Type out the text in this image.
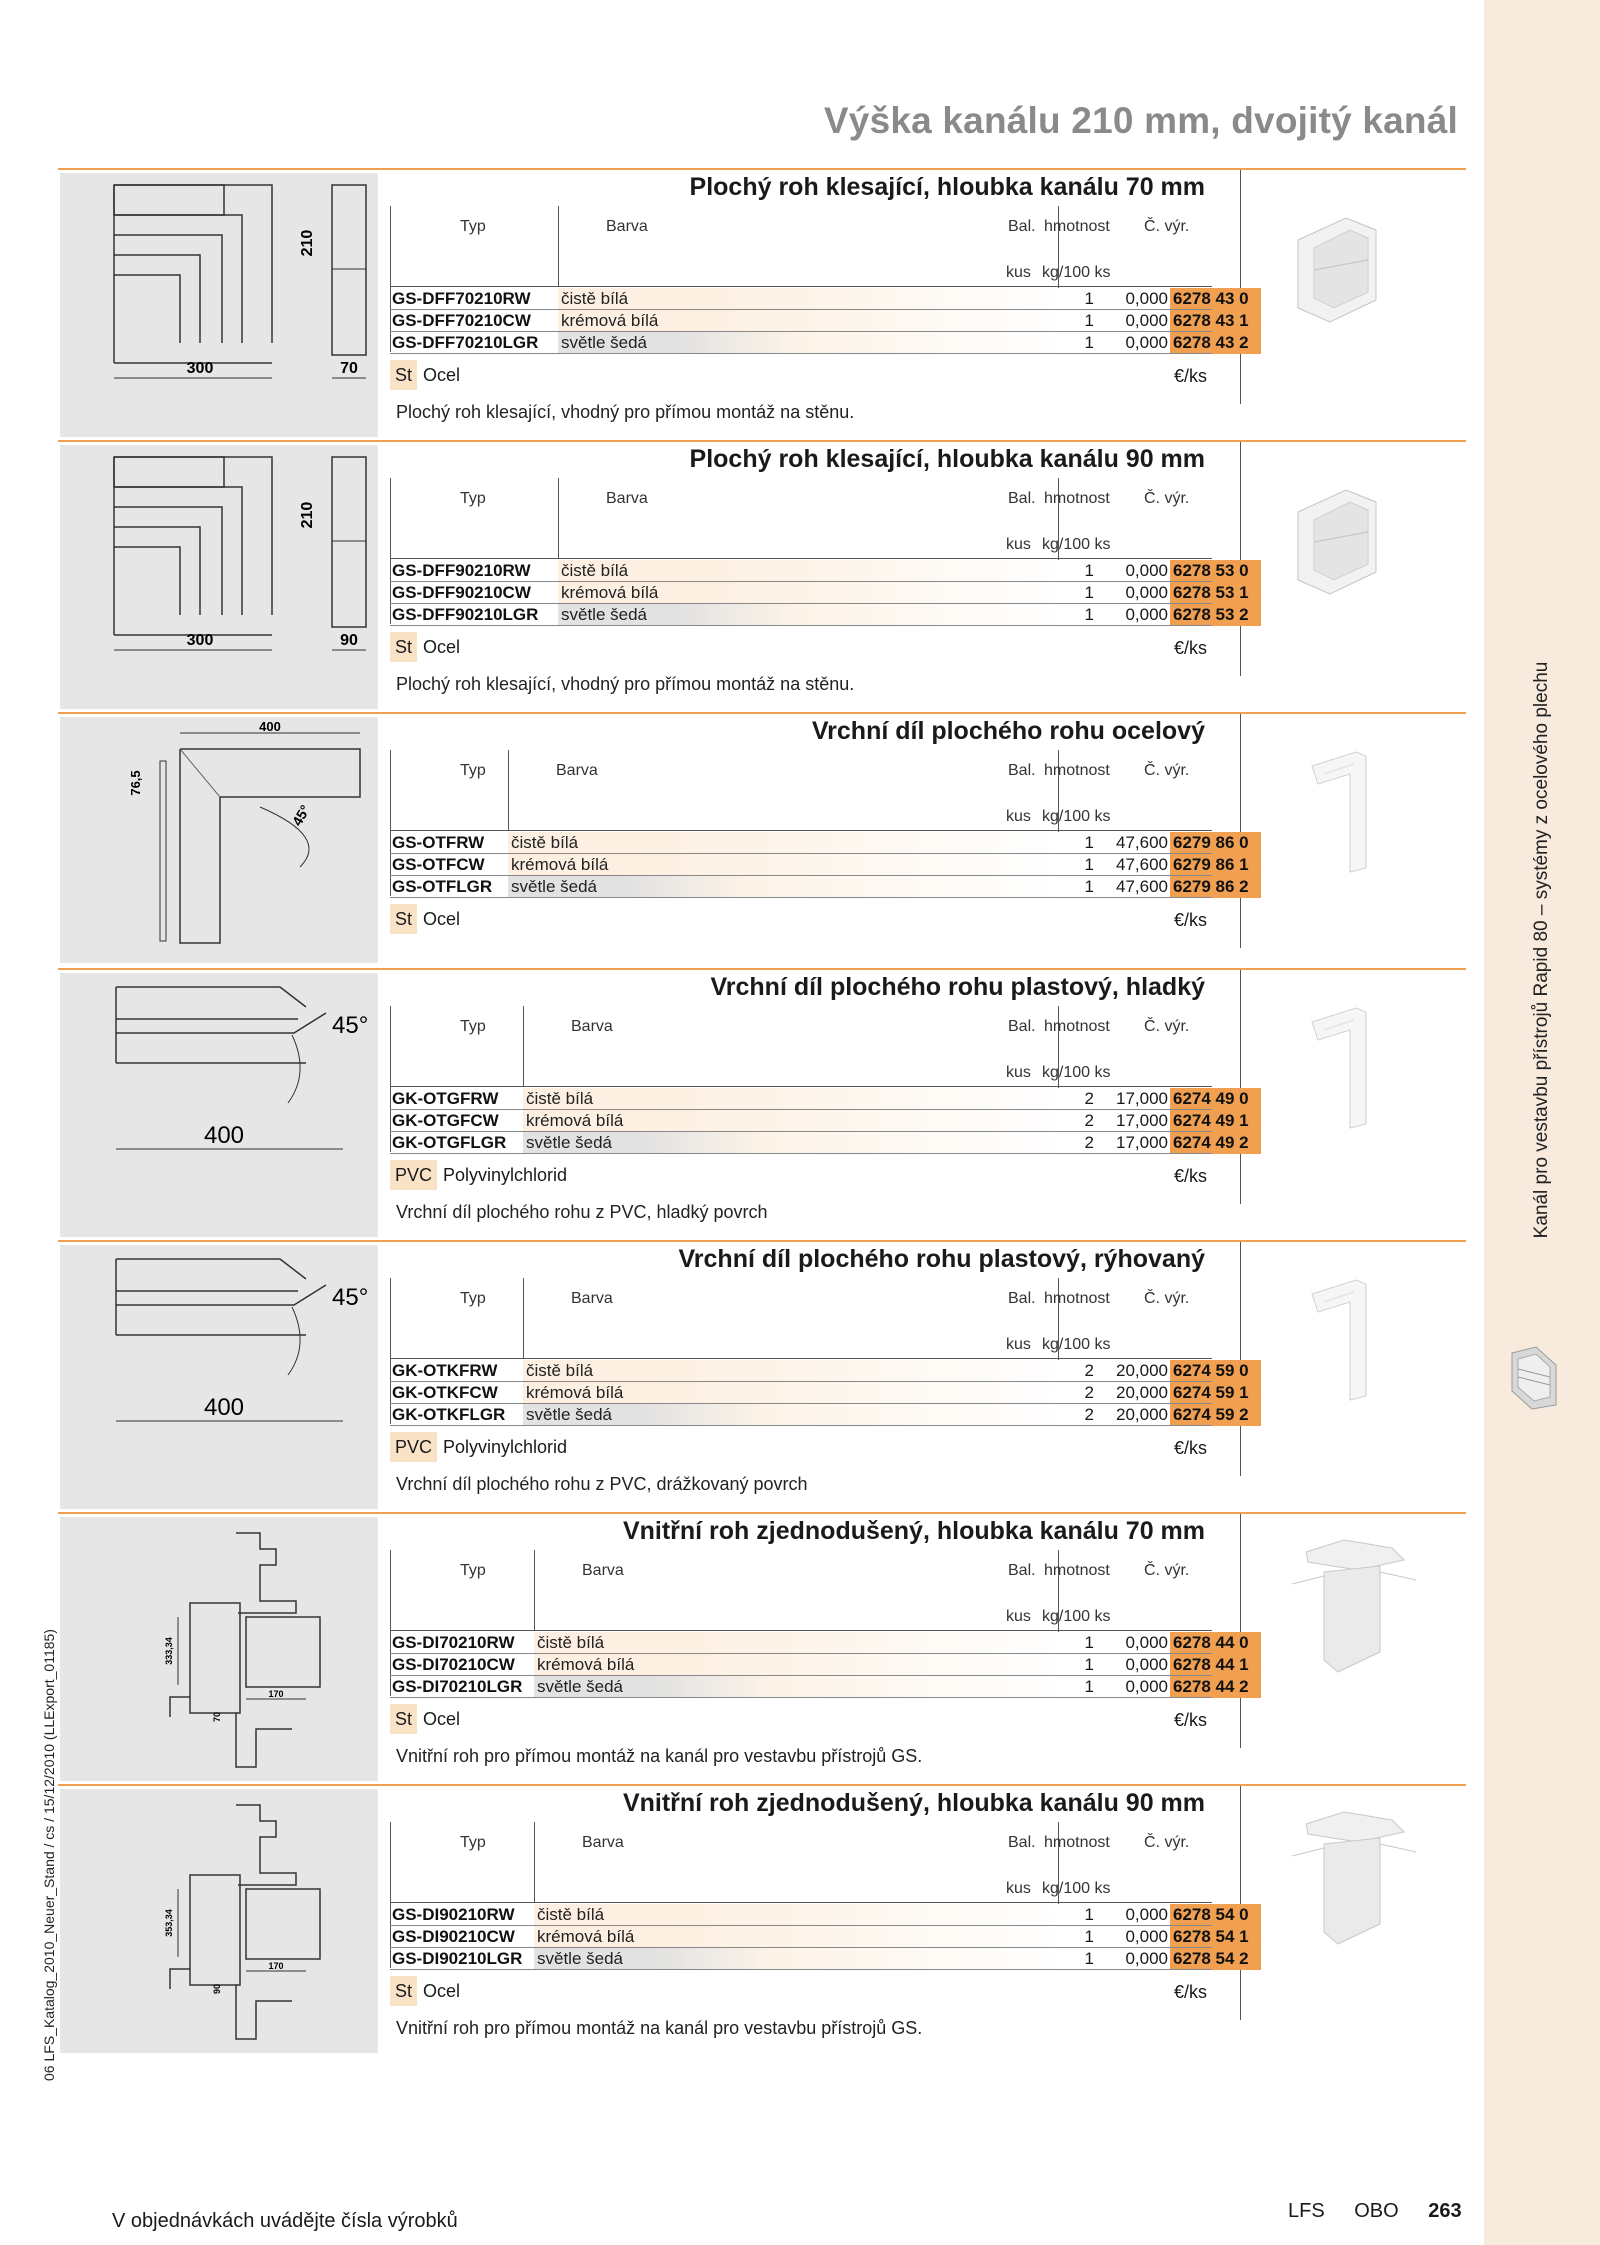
Kanál pro vestavbu přístrojů Rapid 80 – systémy z ocelového plechu
06 LFS_Katalog_2010_Neuer_Stand / cs / 15/12/2010 (LLExport_01185)
Výška kanálu 210 mm, dvojitý kanál
300
210
70
Plochý roh klesající, hloubka kanálu 70 mm
Typ	Barva	Bal. hmotnost Č. výr.
kus kg/100 ks
GS-DFF70210RW	čistě bílá	1	0,000 6278 43 0
GS-DFF70210CW	krémová bílá	1	0,000 6278 43 1
GS-DFF70210LGR	světle šedá	1	0,000 6278 43 2
St Ocel	€/ks
Plochý roh klesající, vhodný pro přímou montáž na stěnu.
300
210
90
Plochý roh klesající, hloubka kanálu 90 mm
Typ	Barva	Bal. hmotnost Č. výr.
kus kg/100 ks
GS-DFF90210RW	čistě bílá	1	0,000 6278 53 0
GS-DFF90210CW	krémová bílá	1	0,000 6278 53 1
GS-DFF90210LGR	světle šedá	1	0,000 6278 53 2
St Ocel	€/ks
Plochý roh klesající, vhodný pro přímou montáž na stěnu.
400
76,5
45°
Vrchní díl plochého rohu ocelový
Typ	Barva	Bal. hmotnost Č. výr.
kus kg/100 ks
GS-OTFRW	čistě bílá	1	47,600 6279 86 0
GS-OTFCW	krémová bílá	1	47,600 6279 86 1
GS-OTFLGR	světle šedá	1	47,600 6279 86 2
St Ocel	€/ks
45°
400
Vrchní díl plochého rohu plastový, hladký
Typ	Barva	Bal. hmotnost Č. výr.
kus kg/100 ks
GK-OTGFRW	čistě bílá	2	17,000 6274 49 0
GK-OTGFCW	krémová bílá	2	17,000 6274 49 1
GK-OTGFLGR	světle šedá	2	17,000 6274 49 2
PVC Polyvinylchlorid	€/ks
Vrchní díl plochého rohu z PVC, hladký povrch
45°
400
Vrchní díl plochého rohu plastový, rýhovaný
Typ	Barva	Bal. hmotnost Č. výr.
kus kg/100 ks
GK-OTKFRW	čistě bílá	2	20,000 6274 59 0
GK-OTKFCW	krémová bílá	2	20,000 6274 59 1
GK-OTKFLGR	světle šedá	2	20,000 6274 59 2
PVC Polyvinylchlorid	€/ks
Vrchní díl plochého rohu z PVC, drážkovaný povrch
333,34
170
70
Vnitřní roh zjednodušený, hloubka kanálu 70 mm
Typ	Barva	Bal. hmotnost Č. výr.
kus kg/100 ks
GS-DI70210RW	čistě bílá	1	0,000 6278 44 0
GS-DI70210CW	krémová bílá	1	0,000 6278 44 1
GS-DI70210LGR světle šedá	1	0,000 6278 44 2
St Ocel	€/ks
Vnitřní roh pro přímou montáž na kanál pro vestavbu přístrojů GS.
353,34
170
90
Vnitřní roh zjednodušený, hloubka kanálu 90 mm
Typ	Barva	Bal. hmotnost Č. výr.
kus kg/100 ks
GS-DI90210RW	čistě bílá	1	0,000 6278 54 0
GS-DI90210CW	krémová bílá	1	0,000 6278 54 1
GS-DI90210LGR světle šedá	1	0,000 6278 54 2
St Ocel	€/ks
Vnitřní roh pro přímou montáž na kanál pro vestavbu přístrojů GS.
V objednávkách uvádějte čísla výrobků	LFS OBO 263
